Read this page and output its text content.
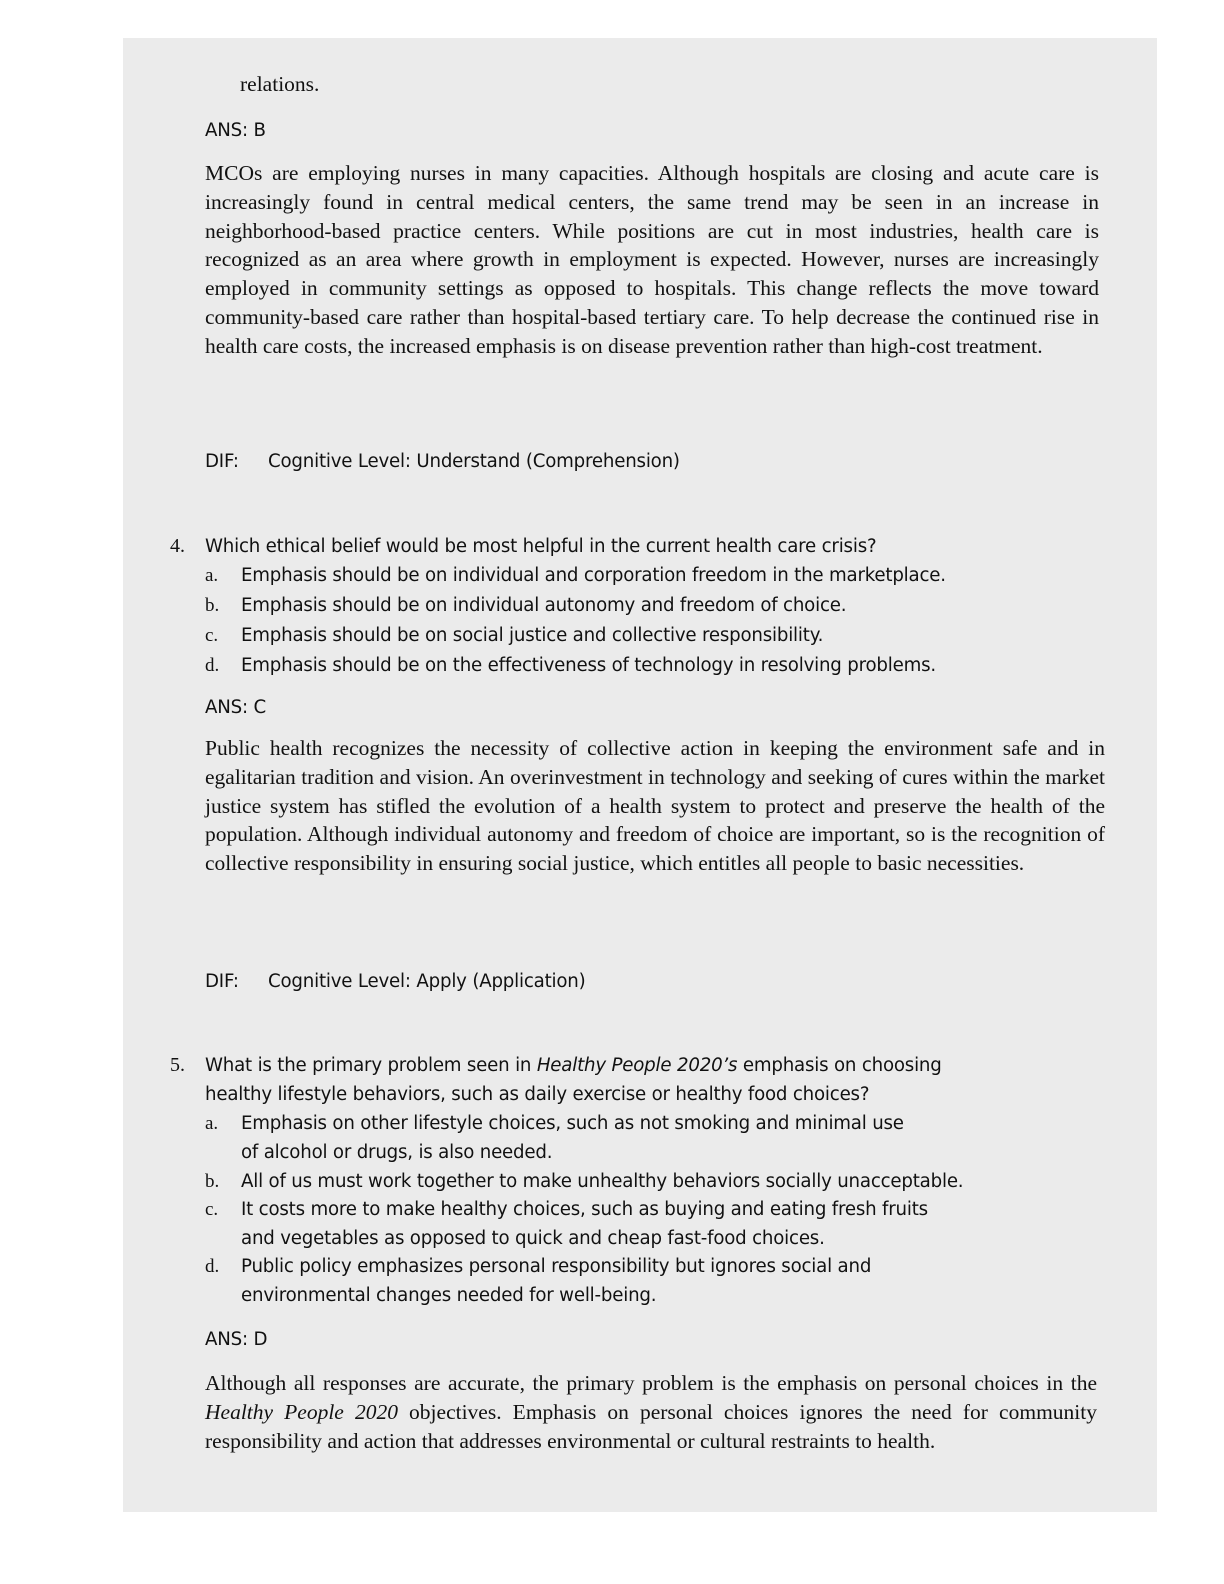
relations.

ANS: B

MCOs are employing nurses in many capacities. Although hospitals are closing and acute care is increasingly found in central medical centers, the same trend may be seen in an increase in neighborhood-based practice centers. While positions are cut in most industries, health care is recognized as an area where growth in employment is expected. However, nurses are increasingly employed in community settings as opposed to hospitals. This change reflects the move toward community-based care rather than hospital-based tertiary care. To help decrease the continued rise in health care costs, the increased emphasis is on disease prevention rather than high-cost treatment.

DIF: Cognitive Level: Understand (Comprehension)
4. Which ethical belief would be most helpful in the current health care crisis?

a. Emphasis should be on individual and corporation freedom in the marketplace.

b. Emphasis should be on individual autonomy and freedom of choice.

c. Emphasis should be on social justice and collective responsibility.

d. Emphasis should be on the effectiveness of technology in resolving problems.

ANS: C

Public health recognizes the necessity of collective action in keeping the environment safe and in egalitarian tradition and vision. An overinvestment in technology and seeking of cures within the market justice system has stifled the evolution of a health system to protect and preserve the health of the population. Although individual autonomy and freedom of choice are important, so is the recognition of collective responsibility in ensuring social justice, which entitles all people to basic necessities.

DIF: Cognitive Level: Apply (Application)
5. What is the primary problem seen in Healthy People 2020’s emphasis on choosing

healthy lifestyle behaviors, such as daily exercise or healthy food choices?

a. Emphasis on other lifestyle choices, such as not smoking and minimal use

of alcohol or drugs, is also needed.

b. All of us must work together to make unhealthy behaviors socially unacceptable.

c. It costs more to make healthy choices, such as buying and eating fresh fruits

and vegetables as opposed to quick and cheap fast-food choices.

d. Public policy emphasizes personal responsibility but ignores social and

environmental changes needed for well-being.

ANS: D

Although all responses are accurate, the primary problem is the emphasis on personal choices in the Healthy People 2020 objectives. Emphasis on personal choices ignores the need for community responsibility and action that addresses environmental or cultural restraints to health.
